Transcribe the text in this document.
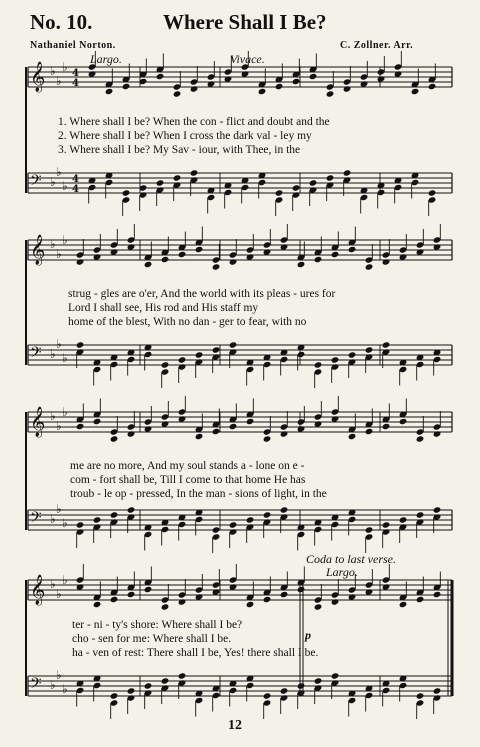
𝄞 ♭
♭
♭ 4
4
𝄢 ♭
♭
♭ 4
4
𝄞 ♭
♭
♭
𝄢 ♭
♭
♭
𝄞 ♭
♭
♭
𝄢 ♭
♭
♭
𝄞 ♭
♭
♭
𝄢 ♭
♭
♭
No. 10.	Where Shall I Be?
Nathaniel Norton.	C. Zollner. Arr.
Largo.	Vivace.
Coda to last verse.
Largo.
p
1. Where shall I be? When the con - flict and doubt and the
2. Where shall I be? When I cross the dark val - ley my
3. Where shall I be? My Sav - iour, with Thee, in the
strug - gles are o'er, And the world with its pleas - ures for
Lord I shall see, His rod and His staff my
home of the blest, With no dan - ger to fear, with no
me are no more, And my soul stands a - lone on e -
com - fort shall be, Till I come to that home He has
troub - le op - pressed, In the man - sions of light, in the
ter - ni - ty's shore: Where shall I be?
cho - sen for me: Where shall I be.
ha - ven of rest: There shall I be, Yes! there shall I be.
12
